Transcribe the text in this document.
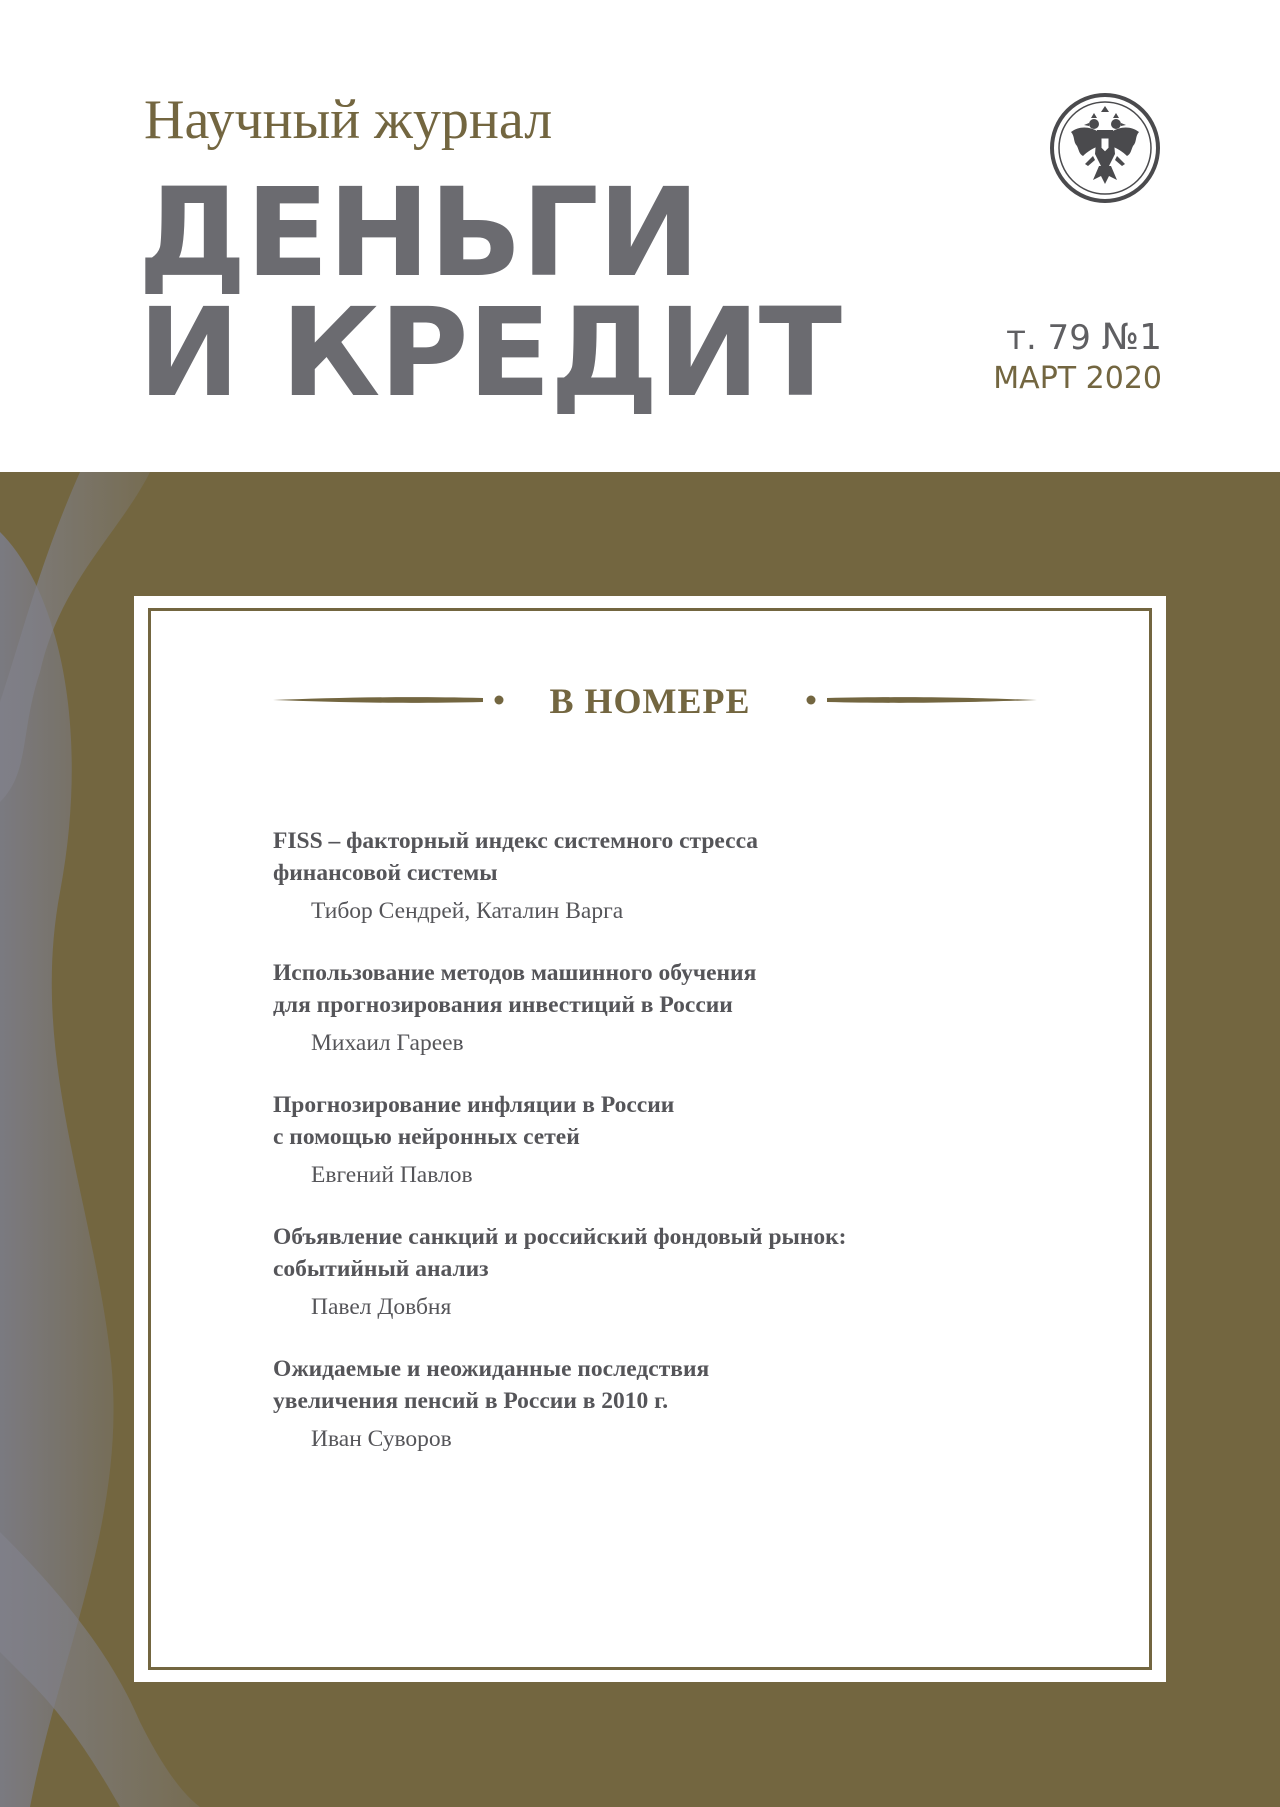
Научный журнал
ДЕНЬГИ
И КРЕДИТ	т. 79 №1
МАРТ 2020
В НОМЕРЕ
FISS – факторный индекс системного стресса
финансовой системы
Тибор Сендрей, Каталин Варга
Использование методов машинного обучения
для прогнозирования инвестиций в России
Михаил Гареев
Прогнозирование инфляции в России
с помощью нейронных сетей
Евгений Павлов
Объявление санкций и российский фондовый рынок:
событийный анализ
Павел Довбня
Ожидаемые и неожиданные последствия
увеличения пенсий в России в 2010 г.
Иван Суворов
